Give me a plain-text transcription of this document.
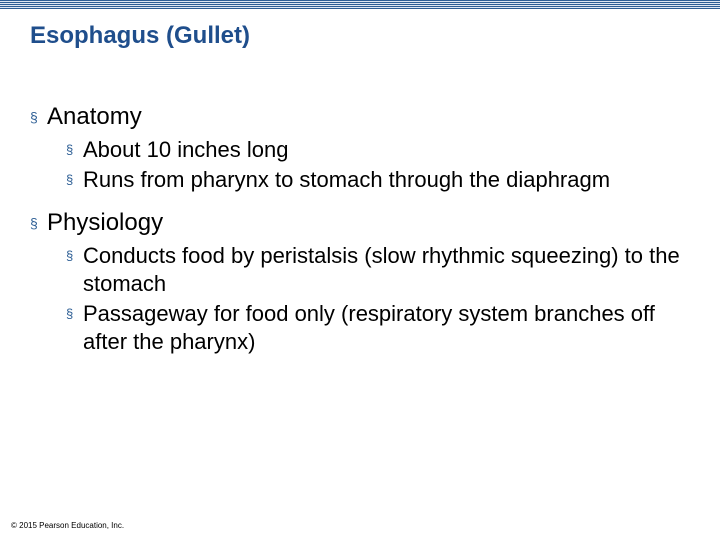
Esophagus (Gullet)
§ Anatomy
§ About 10 inches long
§ Runs from pharynx to stomach through the diaphragm
§ Physiology
§ Conducts food by peristalsis (slow rhythmic squeezing) to the stomach
§ Passageway for food only (respiratory system branches off after the pharynx)
© 2015 Pearson Education, Inc.
